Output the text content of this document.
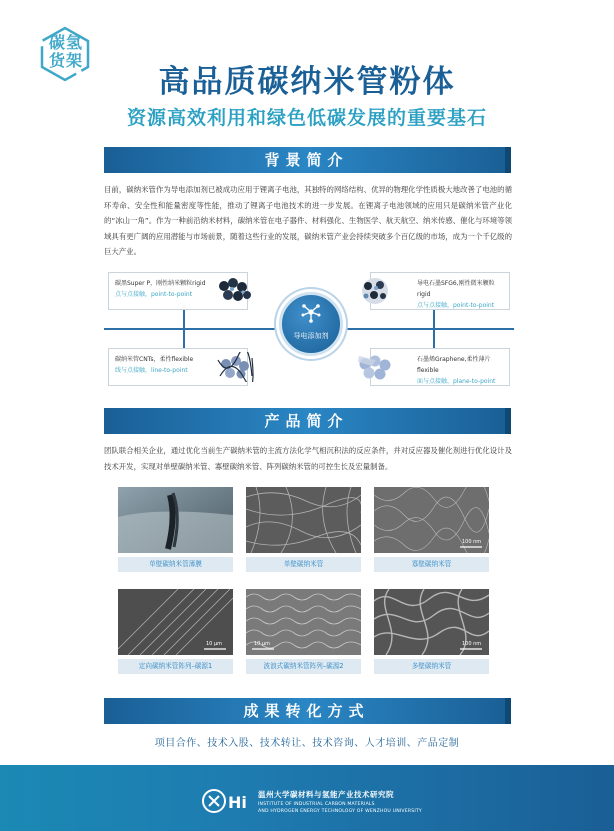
碳氢
货架
高品质碳纳米管粉体
资源高效利用和绿色低碳发展的重要基石
背景简介
目前，碳纳米管作为导电添加剂已被成功应用于锂离子电池，其独特的网络结构、优异的物理化学性质极大地改善了电池的循环寿命、安全性和能量密度等性能，推动了锂离子电池技术的进一步发展。在锂离子电池领域的应用只是碳纳米管产业化的“冰山一角”。作为一种前沿纳米材料，碳纳米管在电子器件、材料强化、生物医学、航天航空、纳米传感、催化与环境等领域具有更广阔的应用潜能与市场前景，随着这些行业的发展，碳纳米管产业会持续突破多个百亿级的市场，成为一个千亿级的巨大产业。
碳黑Super P，刚性纳米颗粒rigid
点与点接触，point-to-point
导电石墨SFG6,刚性微米颗粒rigid
点与点接触，point-to-point
导电添加剂
碳纳米管CNTs，柔性flexible
线与点接触，line-to-point
石墨烯Graphene,柔性薄片flexible
面与点接触，plane-to-point
产品简介
团队联合相关企业，通过优化当前生产碳纳米管的主流方法化学气相沉积法的反应条件，并对反应器及催化剂进行优化设计及技术开发，实现对单壁碳纳米管、寡壁碳纳米管、阵列碳纳米管的可控生长及宏量制备。
单壁碳纳米管薄膜	单壁碳纳米管
100 nm
寡壁碳纳米管
10 μm
定向碳纳米管阵列–碳源1
10 μm
波浪式碳纳米管阵列–碳源2
100 nm
多壁碳纳米管
成果转化方式
项目合作、技术入股、技术转让、技术咨询、人才培训、产品定制
Hi 温州大学碳材料与氢能产业技术研究院
INSTITUTE OF INDUSTRIAL CARBON MATERIALS
AND HYDROGEN ENERGY TECHNOLOGY OF WENZHOU UNIVERSITY
